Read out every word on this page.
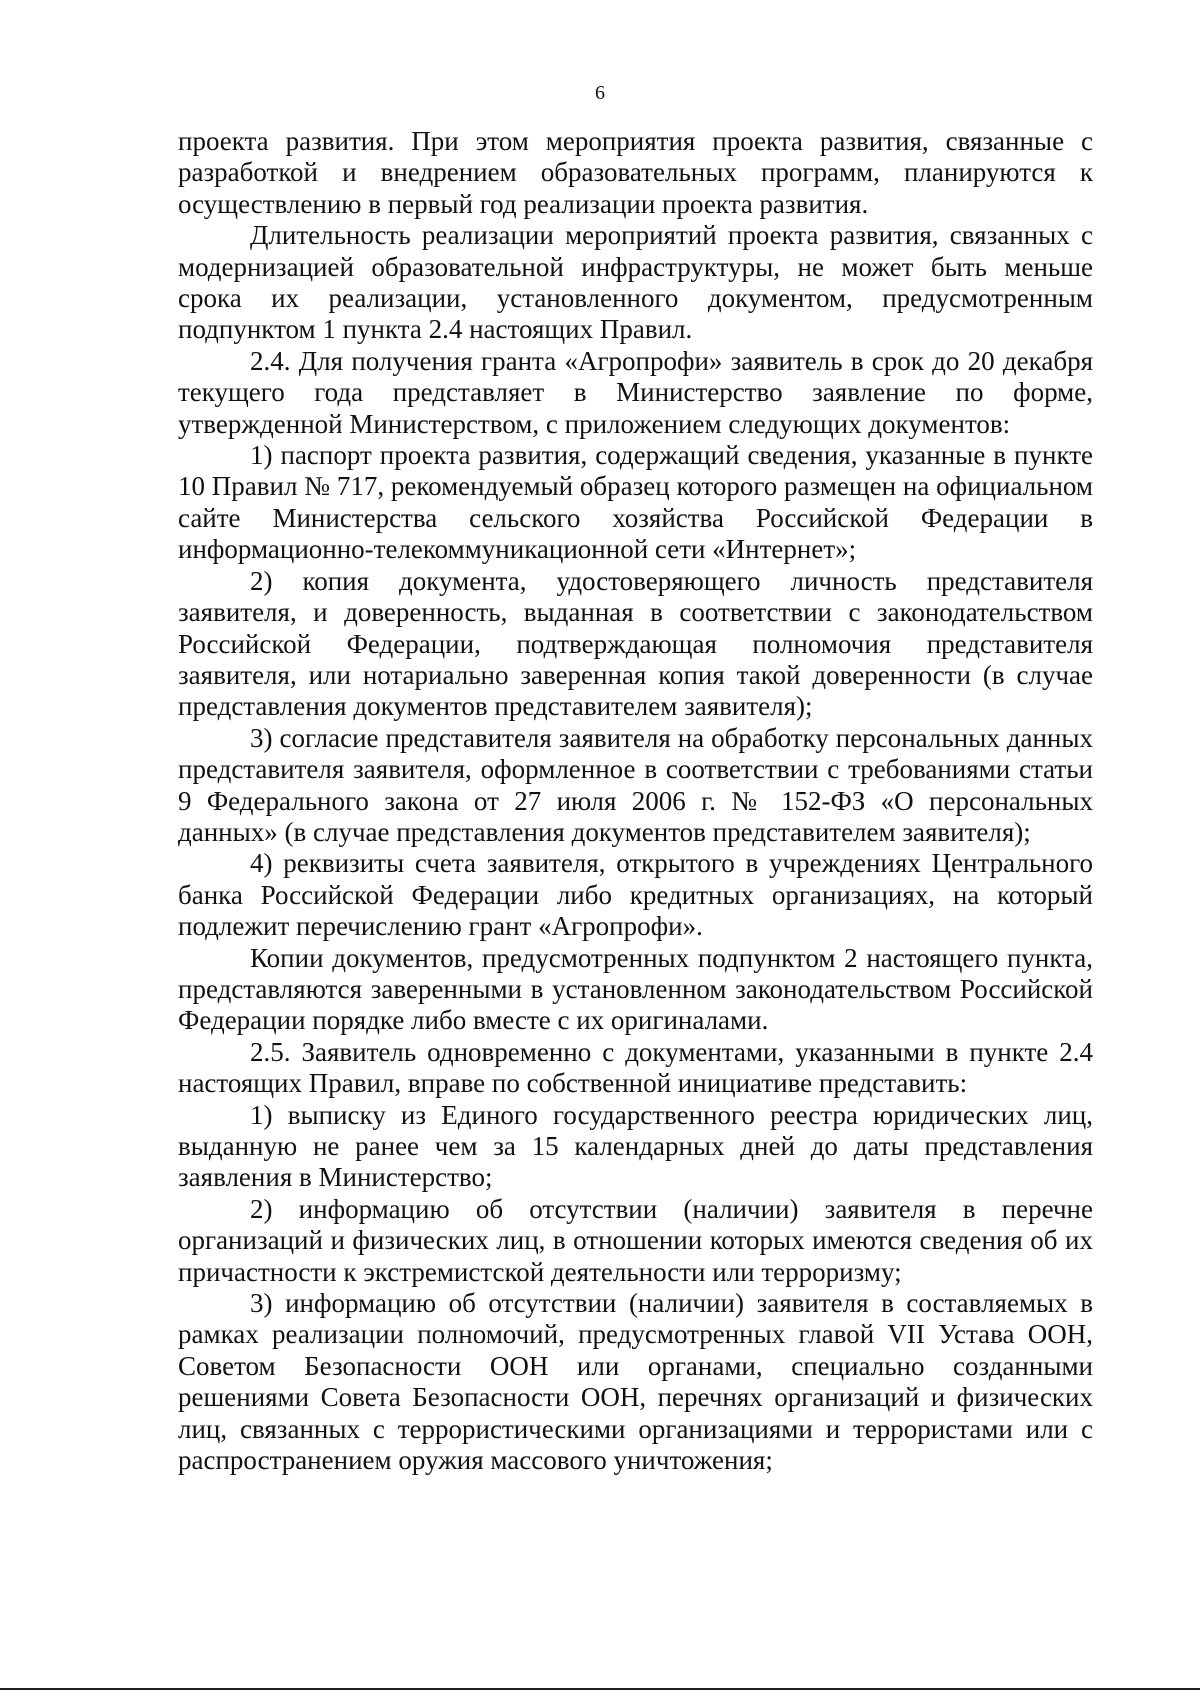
6

проекта развития. При этом мероприятия проекта развития, связанные с разработкой и внедрением образовательных программ, планируются к осуществлению в первый год реализации проекта развития.

Длительность реализации мероприятий проекта развития, связанных с модернизацией образовательной инфраструктуры, не может быть меньше срока их реализации, установленного документом, предусмотренным подпунктом 1 пункта 2.4 настоящих Правил.

2.4. Для получения гранта «Агропрофи» заявитель в срок до 20 декабря текущего года представляет в Министерство заявление по форме, утвержденной Министерством, с приложением следующих документов:

1) паспорт проекта развития, содержащий сведения, указанные в пункте 10 Правил № 717, рекомендуемый образец которого размещен на официальном сайте Министерства сельского хозяйства Российской Федерации в информационно-телекоммуникационной сети «Интернет»;

2) копия документа, удостоверяющего личность представителя заявителя, и доверенность, выданная в соответствии с законодательством Российской Федерации, подтверждающая полномочия представителя заявителя, или нотариально заверенная копия такой доверенности (в случае представления документов представителем заявителя);

3) согласие представителя заявителя на обработку персональных данных представителя заявителя, оформленное в соответствии с требованиями статьи 9 Федерального закона от 27 июля 2006 г. № 152-ФЗ «О персональных данных» (в случае представления документов представителем заявителя);

4) реквизиты счета заявителя, открытого в учреждениях Центрального банка Российской Федерации либо кредитных организациях, на который подлежит перечислению грант «Агропрофи».

Копии документов, предусмотренных подпунктом 2 настоящего пункта, представляются заверенными в установленном законодательством Российской Федерации порядке либо вместе с их оригиналами.

2.5. Заявитель одновременно с документами, указанными в пункте 2.4 настоящих Правил, вправе по собственной инициативе представить:

1) выписку из Единого государственного реестра юридических лиц, выданную не ранее чем за 15 календарных дней до даты представления заявления в Министерство;

2) информацию об отсутствии (наличии) заявителя в перечне организаций и физических лиц, в отношении которых имеются сведения об их причастности к экстремистской деятельности или терроризму;

3) информацию об отсутствии (наличии) заявителя в составляемых в рамках реализации полномочий, предусмотренных главой VII Устава ООН, Советом Безопасности ООН или органами, специально созданными решениями Совета Безопасности ООН, перечнях организаций и физических лиц, связанных с террористическими организациями и террористами или с распространением оружия массового уничтожения;
